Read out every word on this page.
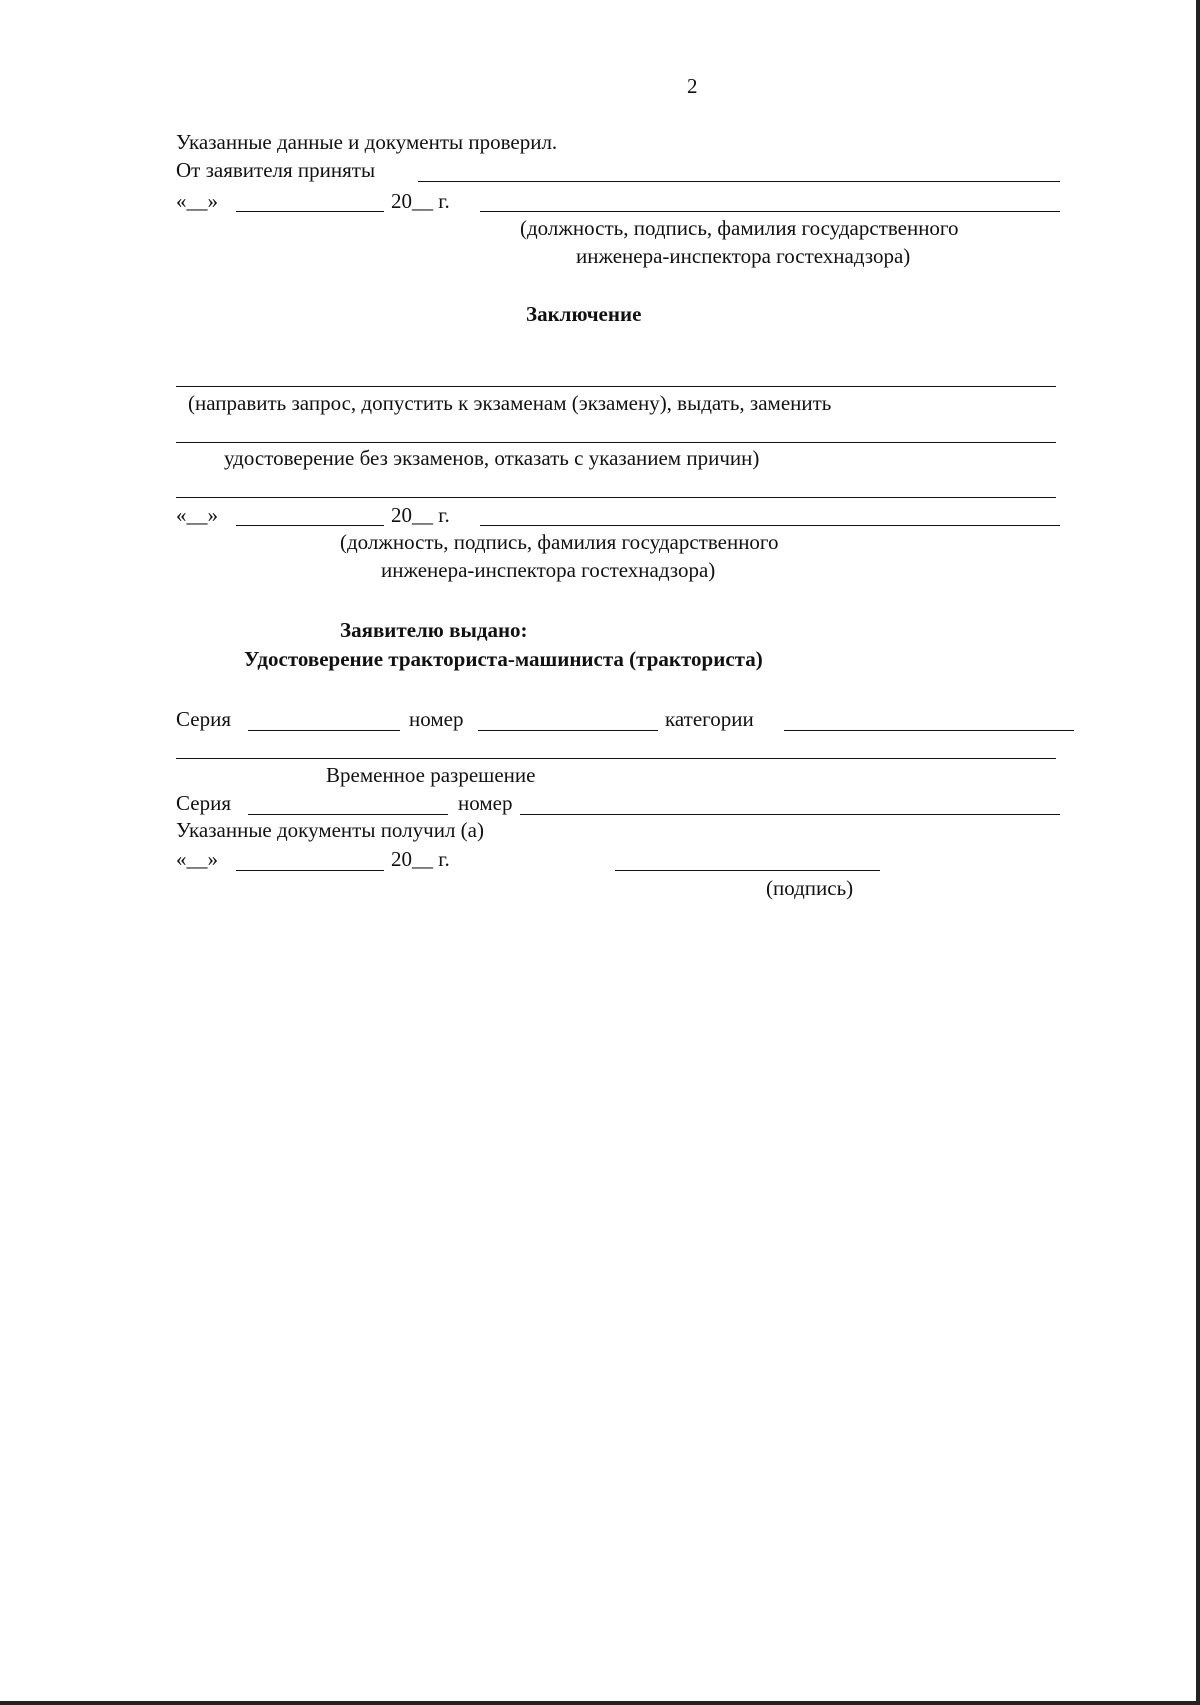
2
Указанные данные и документы проверил.
От заявителя приняты
«__»	20__ г.
(должность, подпись, фамилия государственного
инженера-инспектора гостехнадзора)
Заключение
(направить запрос, допустить к экзаменам (экзамену), выдать, заменить
удостоверение без экзаменов, отказать с указанием причин)
«__»	20__ г.
(должность, подпись, фамилия государственного
инженера-инспектора гостехнадзора)
Заявителю выдано:
Удостоверение тракториста-машиниста (тракториста)
Серия	номер	категории
Временное разрешение
Серия	номер
Указанные документы получил (а)
«__»	20__ г.
(подпись)
